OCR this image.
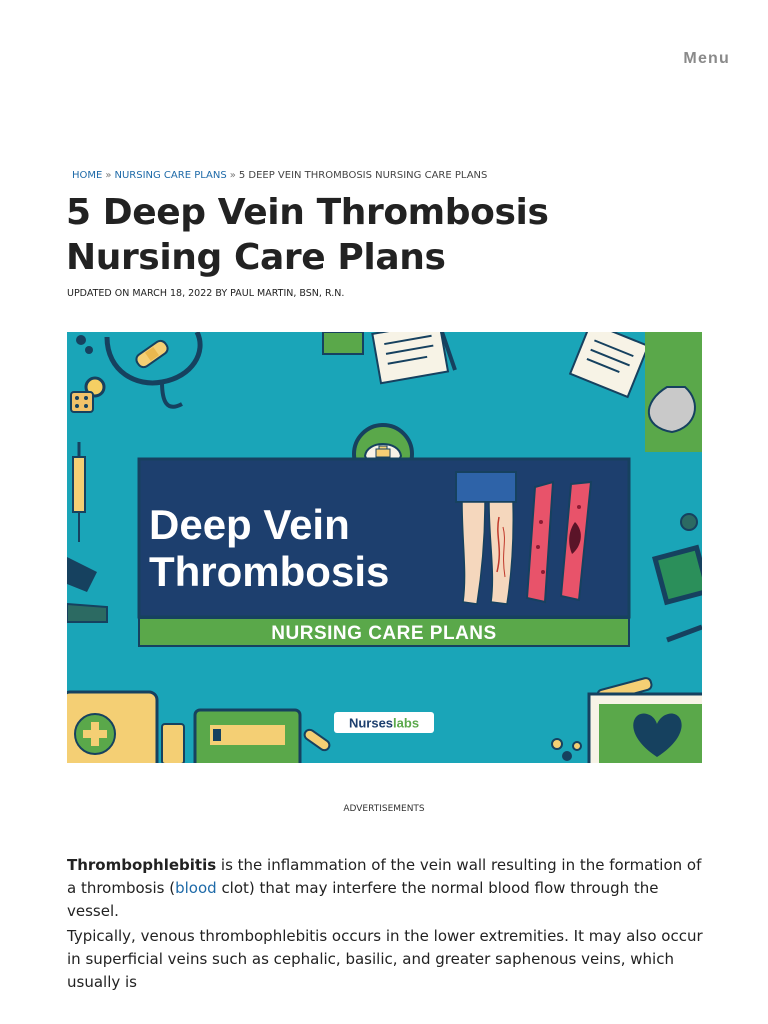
Menu
HOME » NURSING CARE PLANS » 5 DEEP VEIN THROMBOSIS NURSING CARE PLANS
5 Deep Vein Thrombosis Nursing Care Plans
UPDATED ON MARCH 18, 2022 BY PAUL MARTIN, BSN, R.N.
Deep Vein
Thrombosis
NURSING CARE PLANS
Nurseslabs
ADVERTISEMENTS

Thrombophlebitis is the inflammation of the vein wall resulting in the formation of a thrombosis (blood clot) that may interfere the normal blood flow through the vessel.

Typically, venous thrombophlebitis occurs in the lower extremities. It may also occur in superficial veins such as cephalic, basilic, and greater saphenous veins, which usually is
